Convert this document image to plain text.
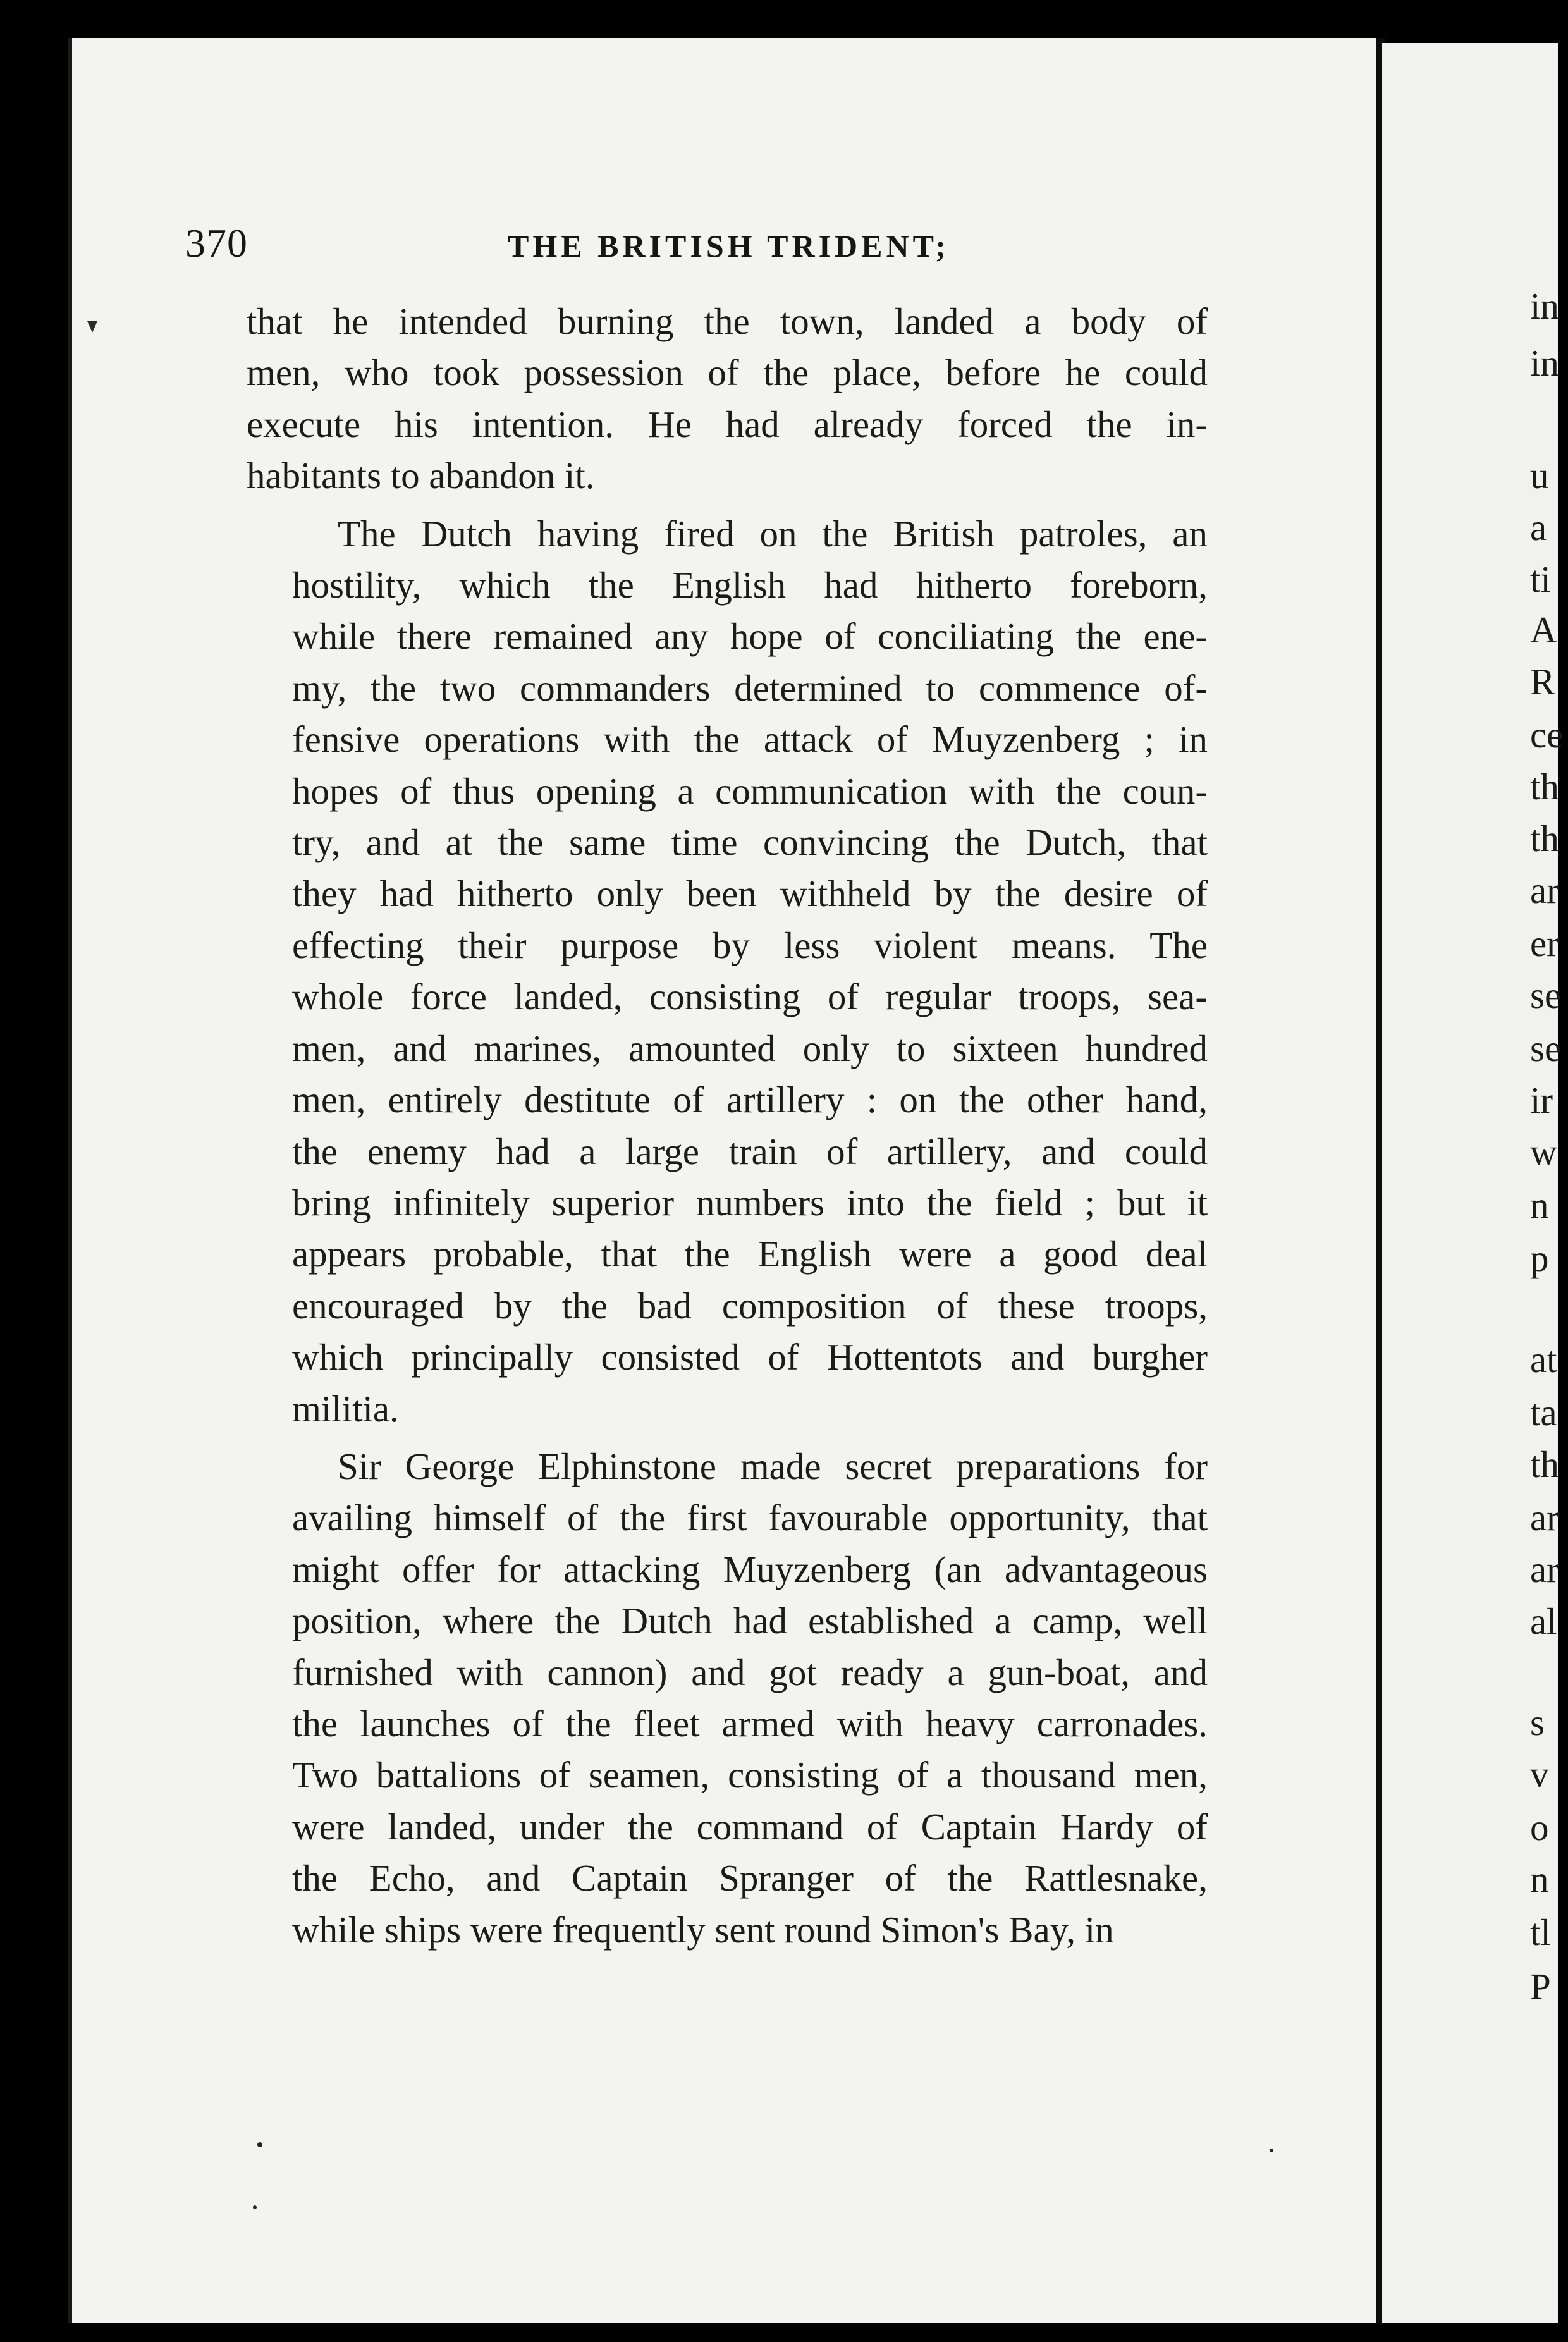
370	THE BRITISH TRIDENT;
that he intended burning the town, landed a body of
men, who took possession of the place, before he could
execute his intention. He had already forced the in-
habitants to abandon it.
The Dutch having fired on the British patroles, an
hostility, which the English had hitherto foreborn,
while there remained any hope of conciliating the ene-
my, the two commanders determined to commence of-
fensive operations with the attack of Muyzenberg ; in
hopes of thus opening a communication with the coun-
try, and at the same time convincing the Dutch, that
they had hitherto only been withheld by the desire of
effecting their purpose by less violent means. The
whole force landed, consisting of regular troops, sea-
men, and marines, amounted only to sixteen hundred
men, entirely destitute of artillery : on the other hand,
the enemy had a large train of artillery, and could
bring infinitely superior numbers into the field ; but it
appears probable, that the English were a good deal
encouraged by the bad composition of these troops,
which principally consisted of Hottentots and burgher
militia.
Sir George Elphinstone made secret preparations for
availing himself of the first favourable opportunity, that
might offer for attacking Muyzenberg (an advantageous
position, where the Dutch had established a camp, well
furnished with cannon) and got ready a gun-boat, and
the launches of the fleet armed with heavy carronades.
Two battalions of seamen, consisting of a thousand men,
were landed, under the command of Captain Hardy of
the Echo, and Captain Spranger of the Rattlesnake,
while ships were frequently sent round Simon's Bay, in
in
in
u
a
ti
A
R
ce
th
th
ar
er
se
se
ir
w
n
p
at
ta
th
ar
ar
al
s
v
o
n
tl
P
